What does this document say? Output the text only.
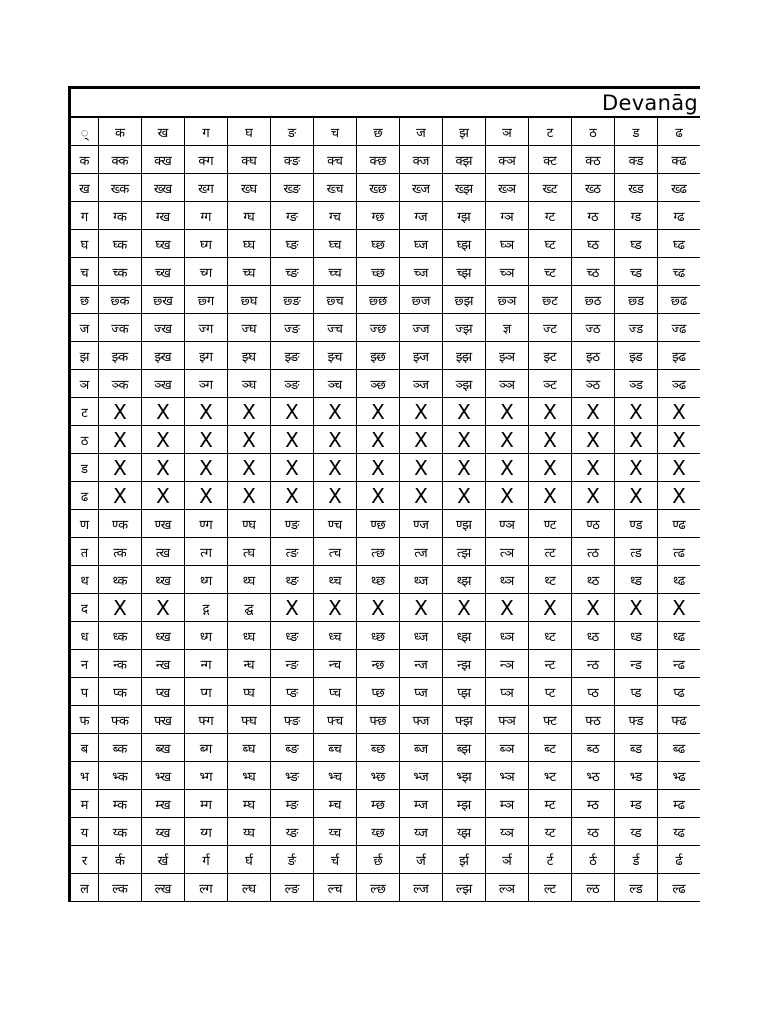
Devanāg
्	क	ख	ग	घ	ङ	च	छ	ज	झ	ञ	ट	ठ	ड	ढ
क	क्क	क्ख	क्ग	क्घ	क्ङ	क्च	क्छ	क्ज	क्झ	क्ञ	क्ट	क्ठ	क्ड	क्ढ
ख	ख्क	ख्ख	ख्ग	ख्घ	ख्ङ	ख्च	ख्छ	ख्ज	ख्झ	ख्ञ	ख्ट	ख्ठ	ख्ड	ख्ढ
ग	ग्क	ग्ख	ग्ग	ग्घ	ग्ङ	ग्च	ग्छ	ग्ज	ग्झ	ग्ञ	ग्ट	ग्ठ	ग्ड	ग्ढ
घ	घ्क	घ्ख	घ्ग	घ्घ	घ्ङ	घ्च	घ्छ	घ्ज	घ्झ	घ्ञ	घ्ट	घ्ठ	घ्ड	घ्ढ
च	च्क	च्ख	च्ग	च्घ	च्ङ	च्च	च्छ	च्ज	च्झ	च्ञ	च्ट	च्ठ	च्ड	च्ढ
छ	छ्क	छ्ख	छ्ग	छ्घ	छ्ङ	छ्च	छ्छ	छ्ज	छ्झ	छ्ञ	छ्ट	छ्ठ	छ्ड	छ्ढ
ज	ज्क	ज्ख	ज्ग	ज्घ	ज्ङ	ज्च	ज्छ	ज्ज	ज्झ	ज्ञ	ज्ट	ज्ठ	ज्ड	ज्ढ
झ	झ्क	झ्ख	झ्ग	झ्घ	झ्ङ	झ्च	झ्छ	झ्ज	झ्झ	झ्ञ	झ्ट	झ्ठ	झ्ड	झ्ढ
ञ	ञ्क	ञ्ख	ञ्ग	ञ्घ	ञ्ङ	ञ्च	ञ्छ	ञ्ज	ञ्झ	ञ्ञ	ञ्ट	ञ्ठ	ञ्ड	ञ्ढ
ट	X	X	X	X	X	X	X	X	X	X	X	X	X	X
ठ	X	X	X	X	X	X	X	X	X	X	X	X	X	X
ड	X	X	X	X	X	X	X	X	X	X	X	X	X	X
ढ	X	X	X	X	X	X	X	X	X	X	X	X	X	X
ण	ण्क	ण्ख	ण्ग	ण्घ	ण्ङ	ण्च	ण्छ	ण्ज	ण्झ	ण्ञ	ण्ट	ण्ठ	ण्ड	ण्ढ
त	त्क	त्ख	त्ग	त्घ	त्ङ	त्च	त्छ	त्ज	त्झ	त्ञ	त्ट	त्ठ	त्ड	त्ढ
थ	थ्क	थ्ख	थ्ग	थ्घ	थ्ङ	थ्च	थ्छ	थ्ज	थ्झ	थ्ञ	थ्ट	थ्ठ	थ्ड	थ्ढ
द	X	X	द्ग	द्घ	X	X	X	X	X	X	X	X	X	X
ध	ध्क	ध्ख	ध्ग	ध्घ	ध्ङ	ध्च	ध्छ	ध्ज	ध्झ	ध्ञ	ध्ट	ध्ठ	ध्ड	ध्ढ
न	न्क	न्ख	न्ग	न्घ	न्ङ	न्च	न्छ	न्ज	न्झ	न्ञ	न्ट	न्ठ	न्ड	न्ढ
प	प्क	प्ख	प्ग	प्घ	प्ङ	प्च	प्छ	प्ज	प्झ	प्ञ	प्ट	प्ठ	प्ड	प्ढ
फ	फ्क	फ्ख	फ्ग	फ्घ	फ्ङ	फ्च	फ्छ	फ्ज	फ्झ	फ्ञ	फ्ट	फ्ठ	फ्ड	फ्ढ
ब	ब्क	ब्ख	ब्ग	ब्घ	ब्ङ	ब्च	ब्छ	ब्ज	ब्झ	ब्ञ	ब्ट	ब्ठ	ब्ड	ब्ढ
भ	भ्क	भ्ख	भ्ग	भ्घ	भ्ङ	भ्च	भ्छ	भ्ज	भ्झ	भ्ञ	भ्ट	भ्ठ	भ्ड	भ्ढ
म	म्क	म्ख	म्ग	म्घ	म्ङ	म्च	म्छ	म्ज	म्झ	म्ञ	म्ट	म्ठ	म्ड	म्ढ
य	य्क	य्ख	य्ग	य्घ	य्ङ	य्च	य्छ	य्ज	य्झ	य्ञ	य्ट	य्ठ	य्ड	य्ढ
र	र्क	र्ख	र्ग	र्घ	र्ङ	र्च	र्छ	र्ज	र्झ	र्ञ	र्ट	र्ठ	र्ड	र्ढ
ल	ल्क	ल्ख	ल्ग	ल्घ	ल्ङ	ल्च	ल्छ	ल्ज	ल्झ	ल्ञ	ल्ट	ल्ठ	ल्ड	ल्ढ
